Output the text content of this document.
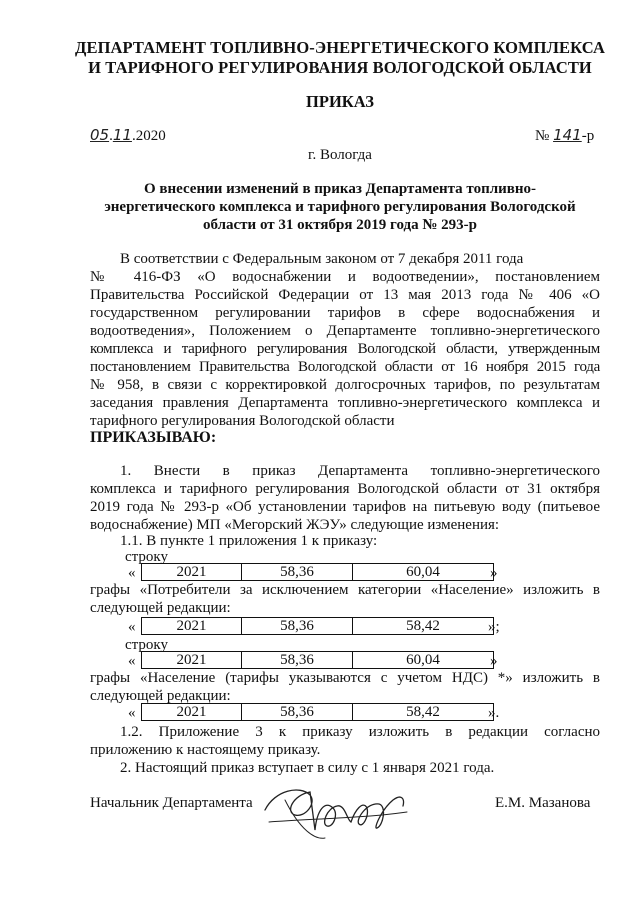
ДЕПАРТАМЕНТ ТОПЛИВНО-ЭНЕРГЕТИЧЕСКОГО КОМПЛЕКСА
И ТАРИФНОГО РЕГУЛИРОВАНИЯ ВОЛОГОДСКОЙ ОБЛАСТИ
ПРИКАЗ
05.11.2020	№ 141-р
г. Вологда
О внесении изменений в приказ Департамента топливно-
энергетического комплекса и тарифного регулирования Вологодской
области от 31 октября 2019 года № 293-р
В соответствии с Федеральным законом от 7 декабря 2011 года
№ 416-ФЗ «О водоснабжении и водоотведении», постановлением
Правительства Российской Федерации от 13 мая 2013 года № 406 «О
государственном регулировании тарифов в сфере водоснабжения и
водоотведения», Положением о Департаменте топливно-энергетического
комплекса и тарифного регулирования Вологодской области, утвержденным
постановлением Правительства Вологодской области от 16 ноября 2015 года
№ 958, в связи с корректировкой долгосрочных тарифов, по результатам
заседания правления Департамента топливно-энергетического комплекса и
тарифного регулирования Вологодской области
ПРИКАЗЫВАЮ:
1. Внести в приказ Департамента топливно-энергетического
комплекса и тарифного регулирования Вологодской области от 31 октября
2019 года № 293-р «Об установлении тарифов на питьевую воду (питьевое
водоснабжение) МП «Мегорский ЖЭУ» следующие изменения:
1.1. В пункте 1 приложения 1 к приказу:
строку
«	2021	58,36	60,04	»
графы «Потребители за исключением категории «Население» изложить в
следующей редакции:
«	2021	58,36	58,42	»;
строку
«	2021	58,36	60,04	»
графы «Население (тарифы указываются с учетом НДС) *» изложить в
следующей редакции:
«	2021	58,36	58,42	».
1.2. Приложение 3 к приказу изложить в редакции согласно
приложению к настоящему приказу.
2. Настоящий приказ вступает в силу с 1 января 2021 года.
Начальник Департамента	Е.М. Мазанова
